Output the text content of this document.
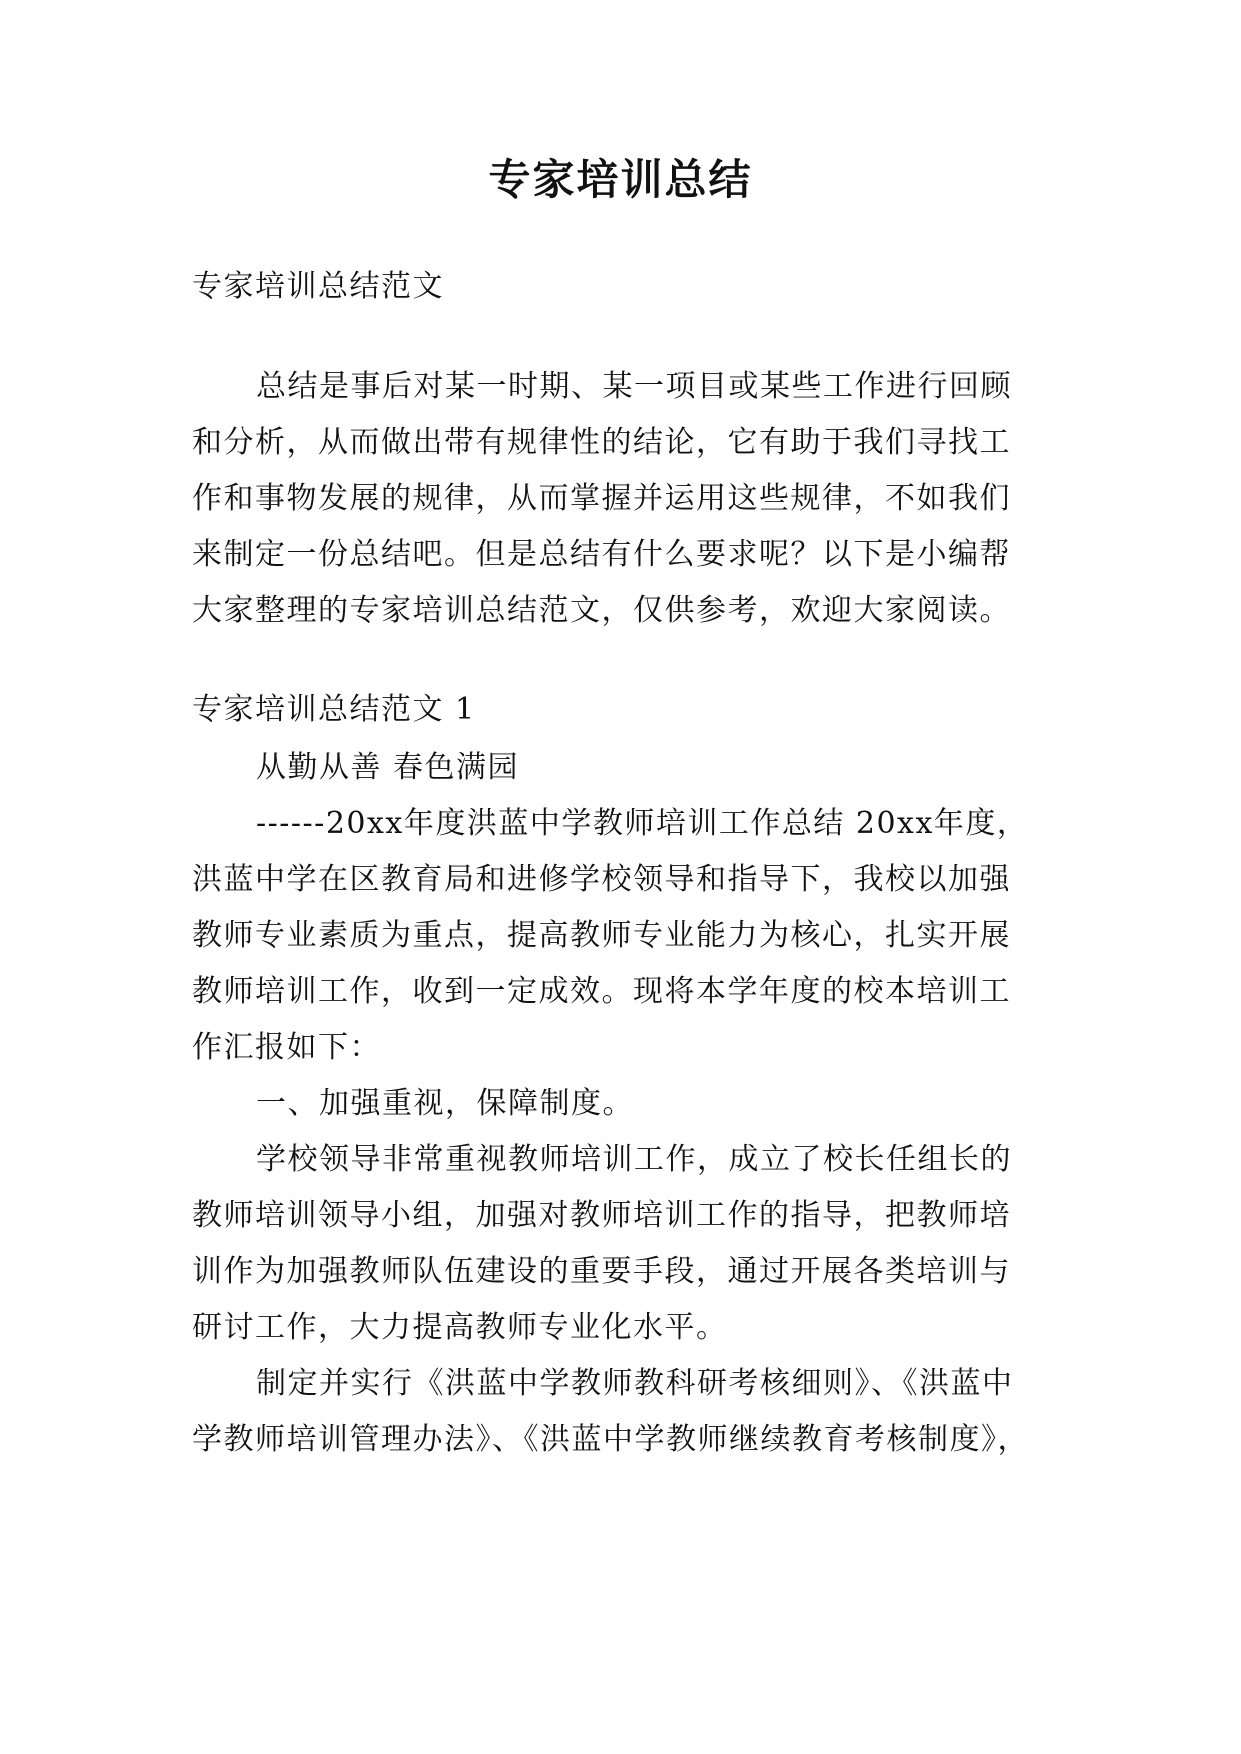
专家培训总结
专家培训总结范文
总结是事后对某一时期、某一项目或某些工作进行回顾
和分析，从而做出带有规律性的结论，它有助于我们寻找工
作和事物发展的规律，从而掌握并运用这些规律，不如我们
来制定一份总结吧。但是总结有什么要求呢？以下是小编帮
大家整理的专家培训总结范文，仅供参考，欢迎大家阅读。
专家培训总结范文 1
从勤从善 春色满园
------20xx年度洪蓝中学教师培训工作总结 20xx年度，
洪蓝中学在区教育局和进修学校领导和指导下，我校以加强
教师专业素质为重点，提高教师专业能力为核心，扎实开展
教师培训工作，收到一定成效。现将本学年度的校本培训工
作汇报如下：
一、加强重视，保障制度。
学校领导非常重视教师培训工作，成立了校长任组长的
教师培训领导小组，加强对教师培训工作的指导，把教师培
训作为加强教师队伍建设的重要手段，通过开展各类培训与
研讨工作，大力提高教师专业化水平。
制定并实行《洪蓝中学教师教科研考核细则》、《洪蓝中
学教师培训管理办法》、《洪蓝中学教师继续教育考核制度》，
